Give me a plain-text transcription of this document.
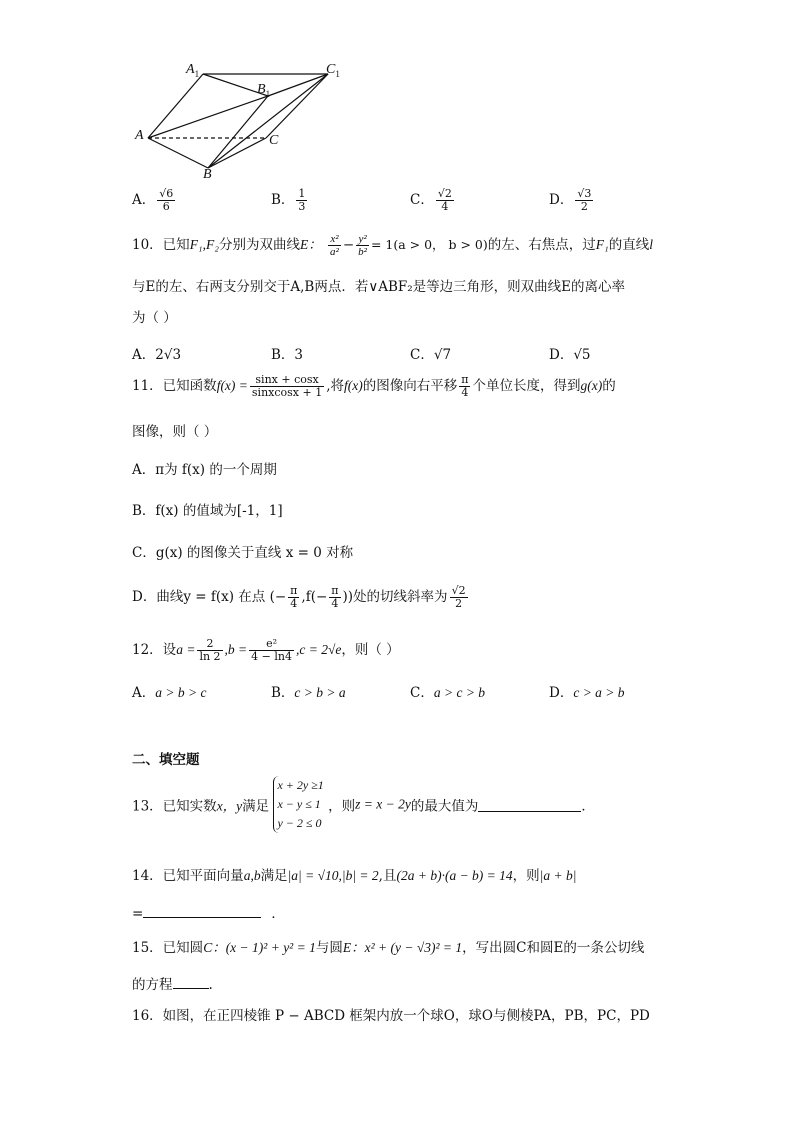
$A_1$	$C_1$
$B_1$
A	C
B
A． $\frac{√6}{6}$	B． $\frac{1}{3}$	C． $\frac{√2}{4}$	D． $\frac{√3}{2}$
10．已知F₁,F₂分别为双曲线E： $\frac{\text{x²}}{\text{a²}} - \frac{\text{y²}}{\text{b²}} = 1(a > 0$， b > 0)的左、右焦点，过F₁的直线l
与E的左、右两支分别交于A,B两点．若∨ABF₂是等边三角形，则双曲线E的离心率
为（ ）
A．2√3	B．3	C．√7	D．√5
11．已知函数$f(x) = \frac{\sin x + \cos x}{\text{sinxcosx + 1}}$ ,将f(x)的图像向右平移 $\frac{\pi}{4}$ 个单位长度，得到g(x)的
图像，则（ ）
A．π为 f(x) 的一个周期
B．f(x) 的值域为[-1，1]
C．g(x) 的图像关于直线 x = 0 对称
D．曲线y = f(x) 在点 (− $\frac{\pi}{4} ,f(- \frac{\pi}{4}$ ))处的切线斜率为 $\frac{√2}{2}$
12．设$a = \frac{2}{\ln 2} ,b = \frac{\text{e²}}{4 - \ln 4} ,c = 2√e$，则（ ）
A．a > b > c	B．c > b > a	C．a > c > b	D．c > a > b
二、填空题
13．已知实数x，y满足
x + 2y ≥1
x − y ≤ 1
y − 2 ≤ 0
，则z = x − 2y的最大值为	．
14．已知平面向量a,b满足|a| = √10,|b| = 2,且(2a + b)·(a − b) = 14，则|a + b|
=	．
15．已知圆C：(x − 1)² + y² = 1与圆E：x² + (y − √3)² = 1，写出圆C和圆E的一条公切线
的方程	.
16．如图，在正四棱锥 P − ABCD 框架内放一个球O，球O与侧棱PA，PB，PC，PD
